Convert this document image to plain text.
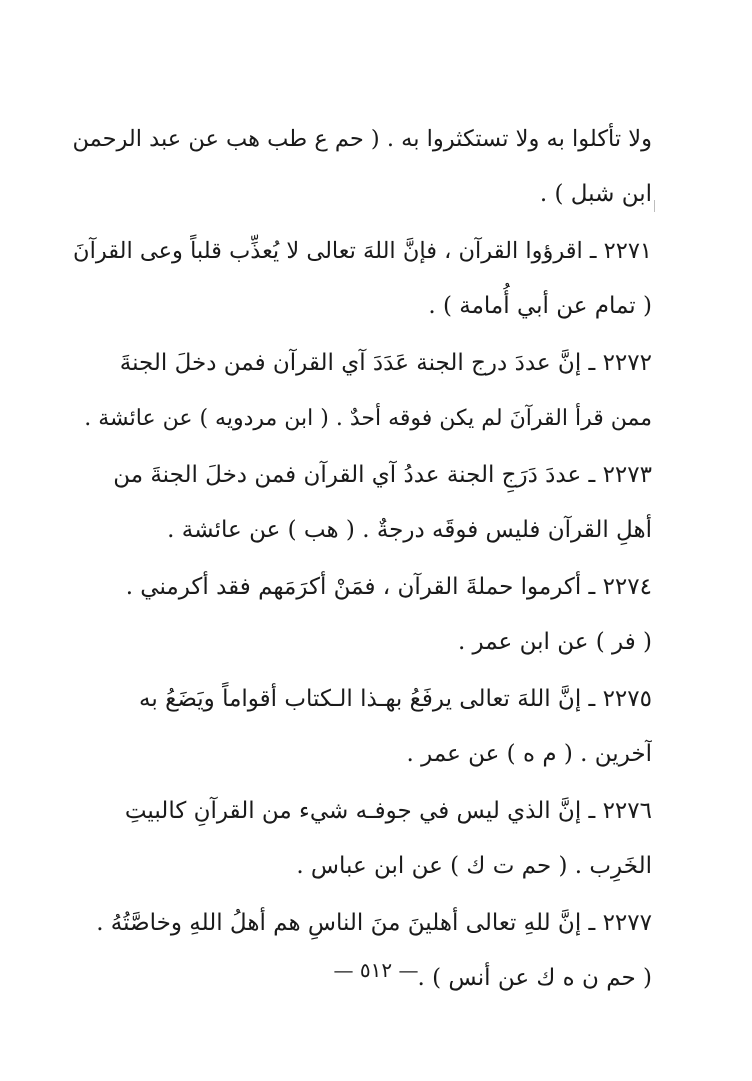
ولا تأكلوا به ولا تستكثروا به . ( حم ع طب هب عن عبد الرحمن
ابن شبل ) .
٢٢٧١ ـ اقرؤوا القرآن ، فإنَّ اللهَ تعالى لا يُعذِّب قلباً وعى القرآنَ
( تمام عن أبي أُمامة ) .
٢٢٧٢ ـ إنَّ عددَ درج الجنة عَدَدَ آي القرآن فمن دخلَ الجنةَ
ممن قرأ القرآنَ لم يكن فوقه أحدٌ . ( ابن مردويه ) عن عائشة .
٢٢٧٣ ـ عددَ دَرَجِ الجنة عددُ آي القرآن فمن دخلَ الجنةَ من
أهلِ القرآن فليس فوقَه درجةٌ . ( هب ) عن عائشة .
٢٢٧٤ ـ أكرموا حملةَ القرآن ، فمَنْ أكرَمَهم فقد أكرمني .
( فر ) عن ابن عمر .
٢٢٧٥ ـ إنَّ اللهَ تعالى يرفَعُ بهـذا الـكتاب أقواماً ويَضَعُ به
آخرين . ( م ه ) عن عمر .
٢٢٧٦ ـ إنَّ الذي ليس في جوفـه شيء من القرآنِ كالبيتِ
الخَرِب . ( حم ت ك ) عن ابن عباس .
٢٢٧٧ ـ إنَّ للهِ تعالى أهلينَ منَ الناسِ هم أهلُ اللهِ وخاصَّتُهُ .
( حم ن ه ك عن أنس ) .
— ٥١٢ —
